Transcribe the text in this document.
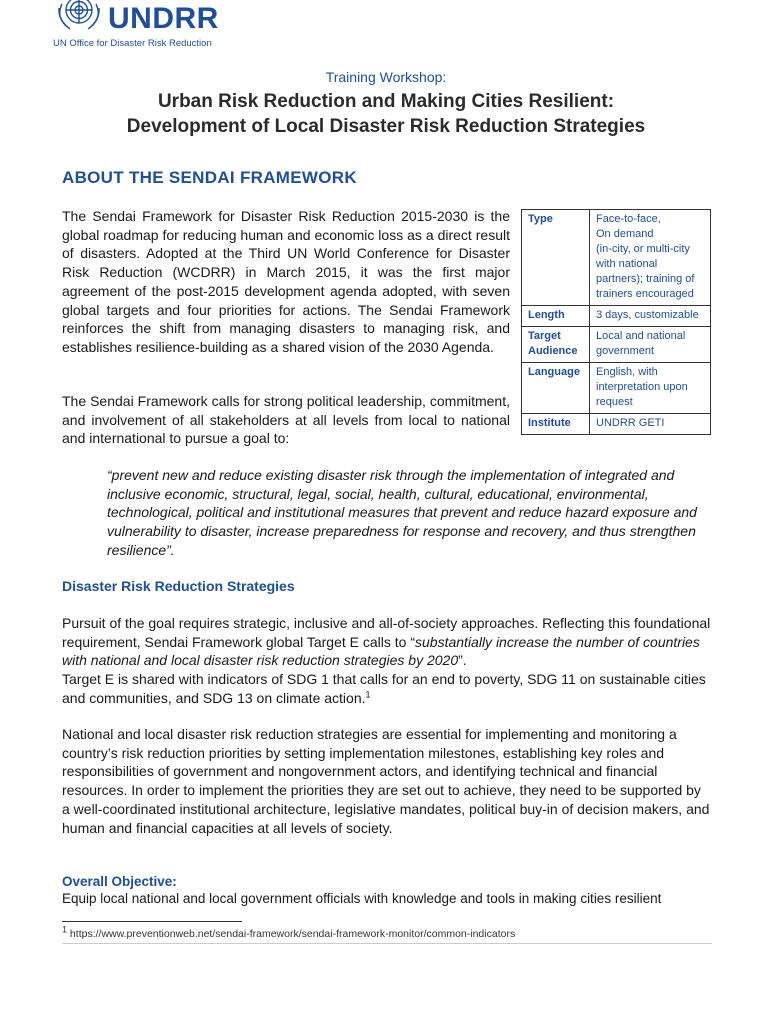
UNDRR
UN Office for Disaster Risk Reduction
Training Workshop:
Urban Risk Reduction and Making Cities Resilient:
Development of Local Disaster Risk Reduction Strategies
ABOUT THE SENDAI FRAMEWORK
The Sendai Framework for Disaster Risk Reduction 2015-2030 is the global roadmap for reducing human and economic loss as a direct result of disasters. Adopted at the Third UN World Conference for Disaster Risk Reduction (WCDRR) in March 2015, it was the first major agreement of the post-2015 development agenda adopted, with seven global targets and four priorities for actions. The Sendai Framework reinforces the shift from managing disasters to managing risk, and establishes resilience-building as a shared vision of the 2030 Agenda.
The Sendai Framework calls for strong political leadership, commitment, and involvement of all stakeholders at all levels from local to national and international to pursue a goal to:
“prevent new and reduce existing disaster risk through the implementation of integrated and inclusive economic, structural, legal, social, health, cultural, educational, environmental, technological, political and institutional measures that prevent and reduce hazard exposure and vulnerability to disaster, increase preparedness for response and recovery, and thus strengthen resilience”.
Type	Face-to-face,
On demand
(in-city, or multi-city with national partners); training of trainers encouraged

Length	3 days, customizable
Target Audience	Local and national government
Language	English, with interpretation upon request
Institute	UNDRR GETI
Disaster Risk Reduction Strategies
Pursuit of the goal requires strategic, inclusive and all-of-society approaches. Reflecting this foundational requirement, Sendai Framework global Target E calls to “substantially increase the number of countries with national and local disaster risk reduction strategies by 2020”.
Target E is shared with indicators of SDG 1 that calls for an end to poverty, SDG 11 on sustainable cities and communities, and SDG 13 on climate action.$^1$
National and local disaster risk reduction strategies are essential for implementing and monitoring a country’s risk reduction priorities by setting implementation milestones, establishing key roles and responsibilities of government and nongovernment actors, and identifying technical and financial resources. In order to implement the priorities they are set out to achieve, they need to be supported by a well-coordinated institutional architecture, legislative mandates, political buy-in of decision makers, and human and financial capacities at all levels of society.
Overall Objective:
Equip local national and local government officials with knowledge and tools in making cities resilient
1 https://www.preventionweb.net/sendai-framework/sendai-framework-monitor/common-indicators
